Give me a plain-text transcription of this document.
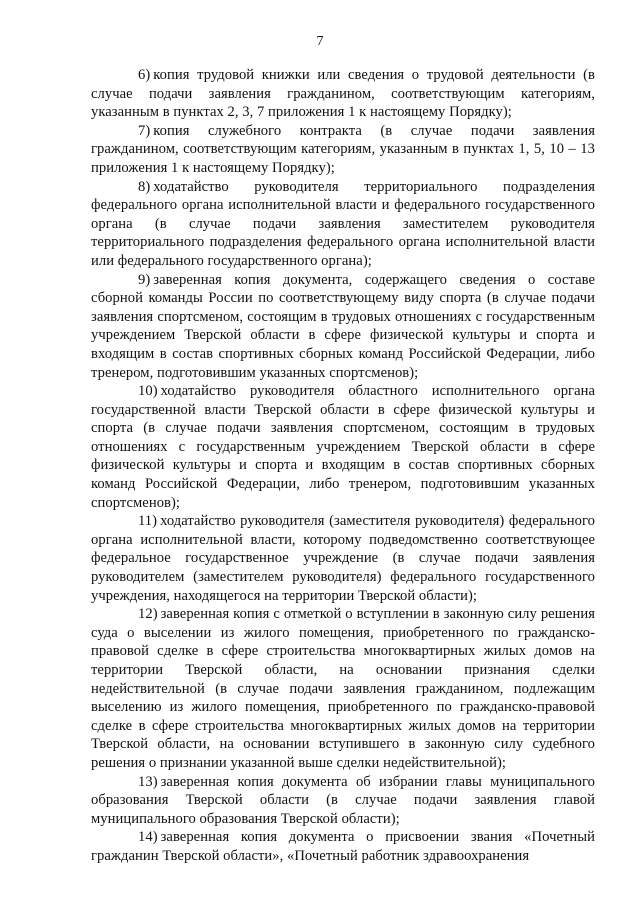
7

6) копия трудовой книжки или сведения о трудовой деятельности (в случае подачи заявления гражданином, соответствующим категориям, указанным в пунктах 2, 3, 7 приложения 1 к настоящему Порядку);

7) копия служебного контракта (в случае подачи заявления гражданином, соответствующим категориям, указанным в пунктах 1, 5, 10 – 13 приложения 1 к настоящему Порядку);

8) ходатайство руководителя территориального подразделения федерального органа исполнительной власти и федерального государственного органа (в случае подачи заявления заместителем руководителя территориального подразделения федерального органа исполнительной власти или федерального государственного органа);

9) заверенная копия документа, содержащего сведения о составе сборной команды России по соответствующему виду спорта (в случае подачи заявления спортсменом, состоящим в трудовых отношениях с государственным учреждением Тверской области в сфере физической культуры и спорта и входящим в состав спортивных сборных команд Российской Федерации, либо тренером, подготовившим указанных спортсменов);

10) ходатайство руководителя областного исполнительного органа государственной власти Тверской области в сфере физической культуры и спорта (в случае подачи заявления спортсменом, состоящим в трудовых отношениях с государственным учреждением Тверской области в сфере физической культуры и спорта и входящим в состав спортивных сборных команд Российской Федерации, либо тренером, подготовившим указанных спортсменов);

11) ходатайство руководителя (заместителя руководителя) федерального органа исполнительной власти, которому подведомственно соответствующее федеральное государственное учреждение (в случае подачи заявления руководителем (заместителем руководителя) федерального государственного учреждения, находящегося на территории Тверской области);

12) заверенная копия с отметкой о вступлении в законную силу решения суда о выселении из жилого помещения, приобретенного по гражданско-правовой сделке в сфере строительства многоквартирных жилых домов на территории Тверской области, на основании признания сделки недействительной (в случае подачи заявления гражданином, подлежащим выселению из жилого помещения, приобретенного по гражданско-правовой сделке в сфере строительства многоквартирных жилых домов на территории Тверской области, на основании вступившего в законную силу судебного решения о признании указанной выше сделки недействительной);

13) заверенная копия документа об избрании главы муниципального образования Тверской области (в случае подачи заявления главой муниципального образования Тверской области);

14) заверенная копия документа о присвоении звания «Почетный гражданин Тверской области», «Почетный работник здравоохранения
